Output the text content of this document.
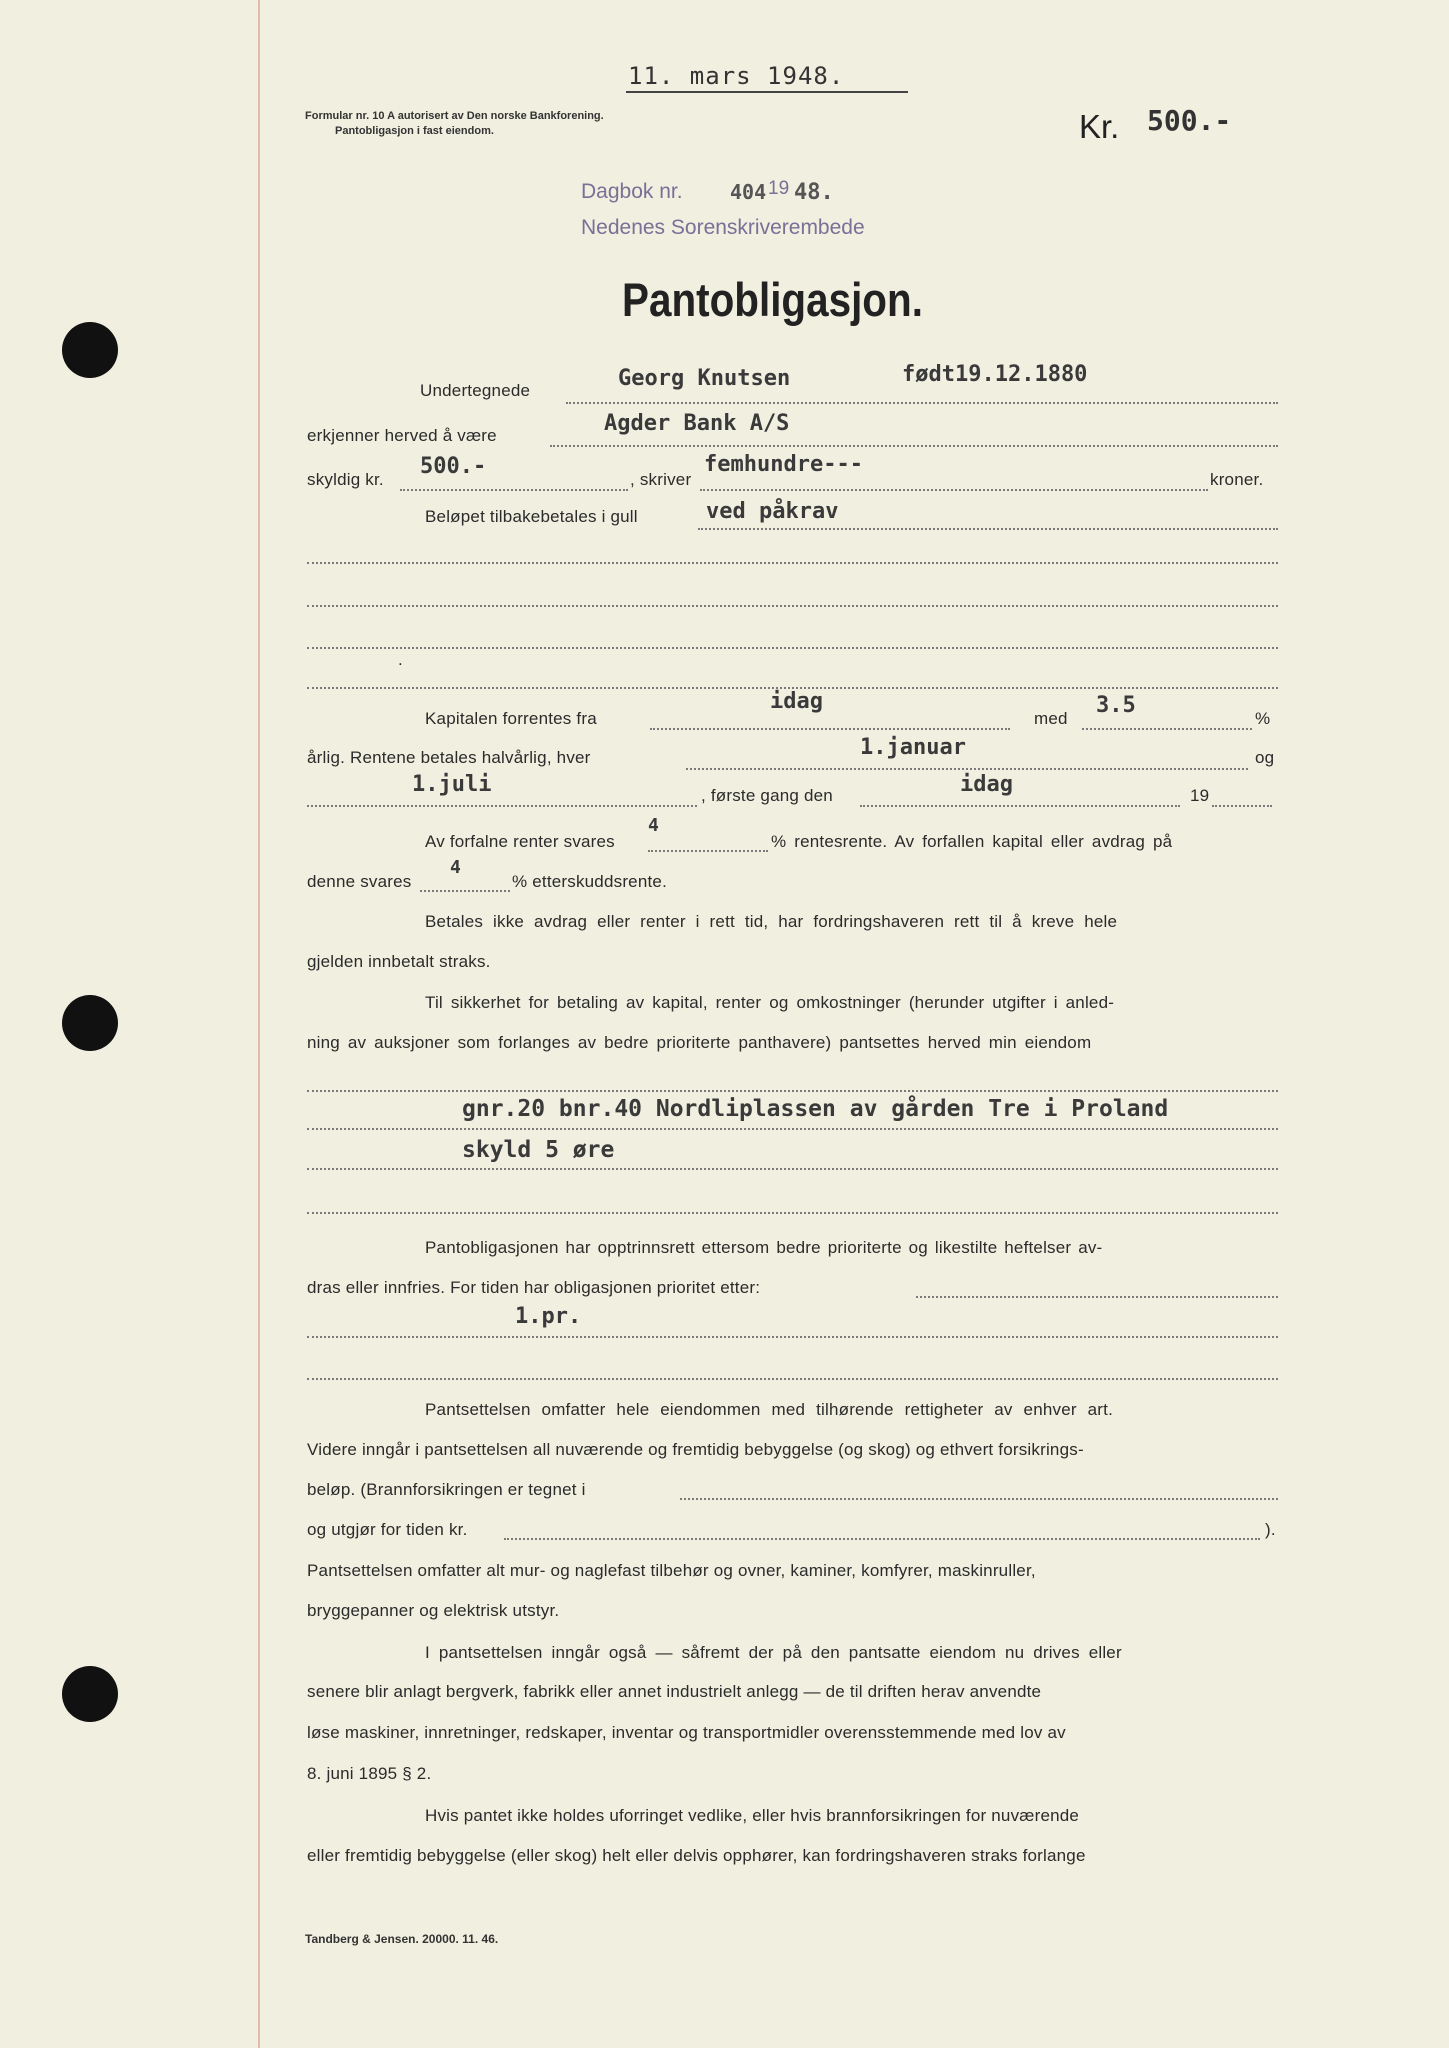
11. mars 1948.
Formular nr. 10 A autorisert av Den norske Bankforening.
Pantobligasjon i fast eiendom.	Kr. 500.-
Dagbok nr. 404 19 48.
Nedenes Sorenskriverembede
Pantobligasjon.
Undertegnede	Georg Knutsen	født19.12.1880
erkjenner herved å være	Agder Bank A/S
skyldig kr.
500.-
, skriver
femhundre---
kroner.
Beløpet tilbakebetales i gull	ved påkrav
.
Kapitalen forrentes fra
idag
med
3.5
%
årlig. Rentene betales halvårlig, hver	1.januar	og
1.juli	, første gang den	idag	19
Av forfalne renter svares
4
% rentesrente. Av forfallen kapital eller avdrag på
denne svares
4
% etterskuddsrente.
Betales ikke avdrag eller renter i rett tid, har fordringshaveren rett til å kreve hele
gjelden innbetalt straks.
Til sikkerhet for betaling av kapital, renter og omkostninger (herunder utgifter i anled-
ning av auksjoner som forlanges av bedre prioriterte panthavere) pantsettes herved min eiendom
gnr.20 bnr.40 Nordliplassen av gården Tre i Proland
skyld 5 øre
Pantobligasjonen har opptrinnsrett ettersom bedre prioriterte og likestilte heftelser av-
dras eller innfries. For tiden har obligasjonen prioritet etter:
1.pr.
Pantsettelsen omfatter hele eiendommen med tilhørende rettigheter av enhver art.
Videre inngår i pantsettelsen all nuværende og fremtidig bebyggelse (og skog) og ethvert forsikrings-
beløp. (Brannforsikringen er tegnet i
og utgjør for tiden kr.	).
Pantsettelsen omfatter alt mur- og naglefast tilbehør og ovner, kaminer, komfyrer, maskinruller,
bryggepanner og elektrisk utstyr.
I pantsettelsen inngår også — såfremt der på den pantsatte eiendom nu drives eller
senere blir anlagt bergverk, fabrikk eller annet industrielt anlegg — de til driften herav anvendte
løse maskiner, innretninger, redskaper, inventar og transportmidler overensstemmende med lov av
8. juni 1895 § 2.
Hvis pantet ikke holdes uforringet vedlike, eller hvis brannforsikringen for nuværende
eller fremtidig bebyggelse (eller skog) helt eller delvis opphører, kan fordringshaveren straks forlange
Tandberg & Jensen. 20000. 11. 46.
